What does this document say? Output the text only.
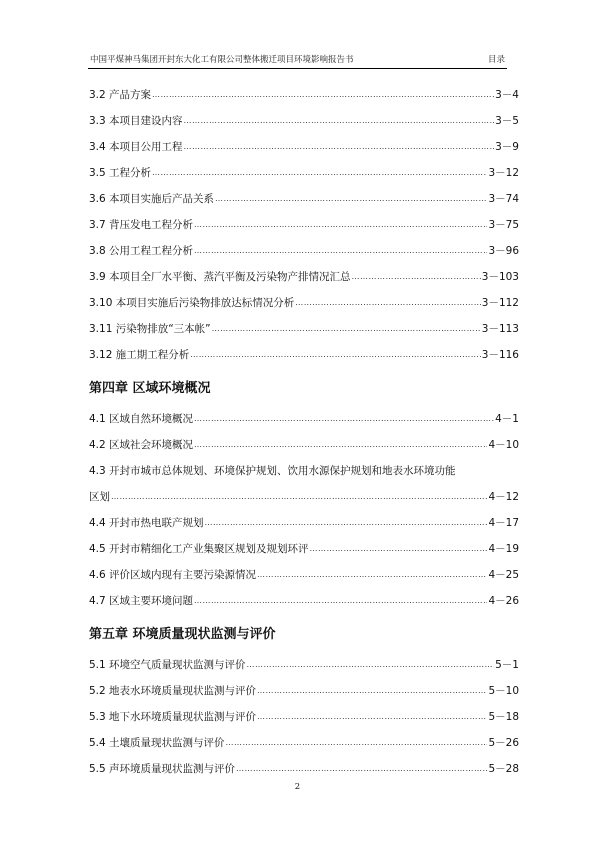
中国平煤神马集团开封东大化工有限公司整体搬迁项目环境影响报告书	目录
3.2 产品方案 ………………………………………………………………………………………………………………………………………………………………………………………	3－4
3.3 本项目建设内容 ………………………………………………………………………………………………………………………………………………………………………………………	3－5
3.4 本项目公用工程 ………………………………………………………………………………………………………………………………………………………………………………………	3－9
3.5 工程分析 ………………………………………………………………………………………………………………………………………………………………………………………	3－12
3.6 本项目实施后产品关系 ………………………………………………………………………………………………………………………………………………………………………………………	3－74
3.7 背压发电工程分析 ………………………………………………………………………………………………………………………………………………………………………………………	3－75
3.8 公用工程工程分析 ………………………………………………………………………………………………………………………………………………………………………………………	3－96
3.9 本项目全厂水平衡、蒸汽平衡及污染物产排情况汇总 ………………………………………………………………………………………………………………………………………………………………………………………	3－103
3.10 本项目实施后污染物排放达标情况分析 ………………………………………………………………………………………………………………………………………………………………………………………	3－112
3.11 污染物排放“三本帐” ………………………………………………………………………………………………………………………………………………………………………………………	3－113
3.12 施工期工程分析 ………………………………………………………………………………………………………………………………………………………………………………………	3－116
第四章 区域环境概况
4.1 区域自然环境概况 ………………………………………………………………………………………………………………………………………………………………………………………	4－1
4.2 区域社会环境概况 ………………………………………………………………………………………………………………………………………………………………………………………	4－10
4.3 开封市城市总体规划、环境保护规划、饮用水源保护规划和地表水环境功能
区划 ………………………………………………………………………………………………………………………………………………………………………………………	4－12
4.4 开封市热电联产规划 ………………………………………………………………………………………………………………………………………………………………………………………	4－17
4.5 开封市精细化工产业集聚区规划及规划环评 ………………………………………………………………………………………………………………………………………………………………………………………	4－19
4.6 评价区域内现有主要污染源情况 ………………………………………………………………………………………………………………………………………………………………………………………	4－25
4.7 区域主要环境问题 ………………………………………………………………………………………………………………………………………………………………………………………	4－26
第五章 环境质量现状监测与评价
5.1 环境空气质量现状监测与评价 ………………………………………………………………………………………………………………………………………………………………………………………	5－1
5.2 地表水环境质量现状监测与评价 ………………………………………………………………………………………………………………………………………………………………………………………	5－10
5.3 地下水环境质量现状监测与评价 ………………………………………………………………………………………………………………………………………………………………………………………	5－18
5.4 土壤质量现状监测与评价 ………………………………………………………………………………………………………………………………………………………………………………………	5－26
5.5 声环境质量现状监测与评价 ………………………………………………………………………………………………………………………………………………………………………………………	5－28
2
